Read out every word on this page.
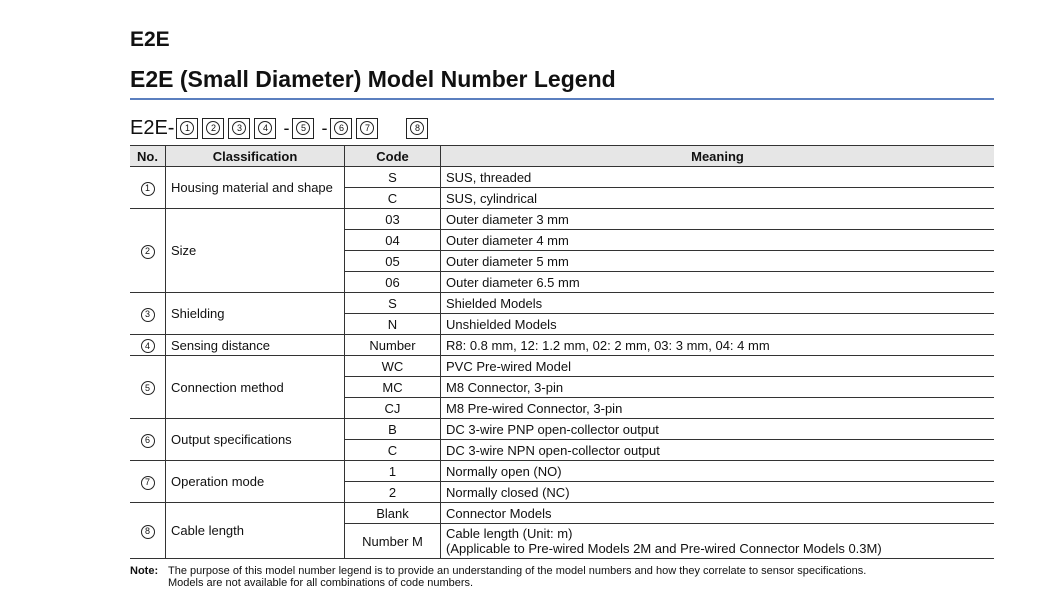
E2E
E2E (Small Diameter) Model Number Legend
E2E-	1	2	3	4 -	5 -	6	7	8
No.	Classification	Code	Meaning
1	Housing material and shape	S	SUS, threaded
		C	SUS, cylindrical
2	Size	03	Outer diameter 3 mm
		04	Outer diameter 4 mm
		05	Outer diameter 5 mm
		06	Outer diameter 6.5 mm
3	Shielding	S	Shielded Models
		N	Unshielded Models
4	Sensing distance	Number	R8: 0.8 mm, 12: 1.2 mm, 02: 2 mm, 03: 3 mm, 04: 4 mm
5	Connection method	WC	PVC Pre-wired Model
		MC	M8 Connector, 3-pin
		CJ	M8 Pre-wired Connector, 3-pin
6	Output specifications	B	DC 3-wire PNP open-collector output
		C	DC 3-wire NPN open-collector output
7	Operation mode	1	Normally open (NO)
		2	Normally closed (NC)
8	Cable length	Blank	Connector Models
		Number M	Cable length (Unit: m)
(Applicable to Pre-wired Models 2M and Pre-wired Connector Models 0.3M)
Note: The purpose of this model number legend is to provide an understanding of the model numbers and how they correlate to sensor specifications.
Models are not available for all combinations of code numbers.
